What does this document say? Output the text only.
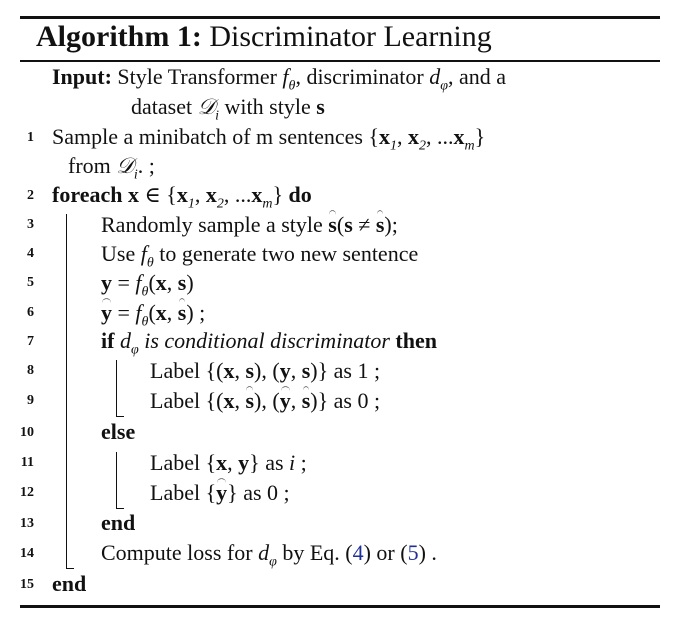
Algorithm 1: Discriminator Learning
Input: Style Transformer $f_\theta$, discriminator $d_\varphi$, and a
dataset 𝒟$_i$ with style s
1
2
3
4
5
6
7
8
9
10
11
12
13
14
15
Sample a minibatch of m sentences {$x_1$, $x_2$, $...x_m$}
from 𝒟$_i$. ;
foreach x ∈ {$x_1$, $x_2$, $...x_m$} do
Randomly sample a style s(s ≠ s);
Use $f_\theta$ to generate two new sentence
$y = f_\theta(x$, s)
$y = f_\theta(x$, s) ;
if $d_\varphi$ is conditional discriminator then
Label {(x, s), (y, s)} as 1 ;
Label {(x, s), (y, s)} as 0 ;
else
Label {x, y} as i ;
Label {y} as 0 ;
end
Compute loss for $d_\varphi$ by Eq. (4) or (5) .
end
